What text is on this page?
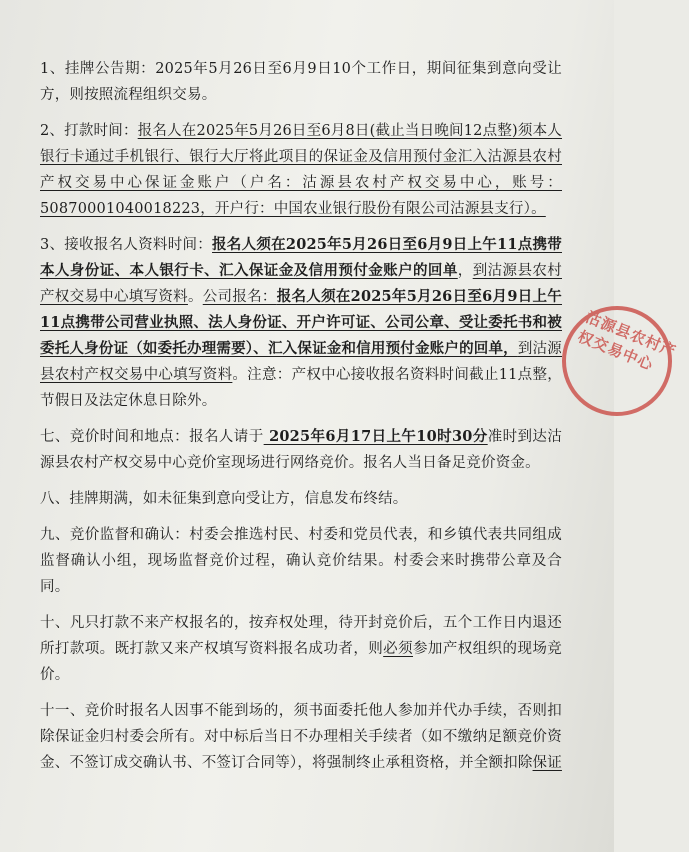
1、挂牌公告期：2025年5月26日至6月9日10个工作日，期间征集到意向受让方，则按照流程组织交易。

2、打款时间：报名人在2025年5月26日至6月8日(截止当日晚间12点整)须本人银行卡通过手机银行、银行大厅将此项目的保证金及信用预付金汇入沽源县农村产权交易中心保证金账户（户名：沽源县农村产权交易中心，账号：50870001040018223，开户行：中国农业银行股份有限公司沽源县支行）。

3、接收报名人资料时间：报名人须在2025年5月26日至6月9日上午11点携带本人身份证、本人银行卡、汇入保证金及信用预付金账户的回单，到沽源县农村产权交易中心填写资料。公司报名：报名人须在2025年5月26日至6月9日上午11点携带公司营业执照、法人身份证、开户许可证、公司公章、受让委托书和被委托人身份证（如委托办理需要）、汇入保证金和信用预付金账户的回单，到沽源县农村产权交易中心填写资料。注意：产权中心接收报名资料时间截止11点整，节假日及法定休息日除外。

七、竞价时间和地点：报名人请于 2025年6月17日上午10时30分准时到达沽源县农村产权交易中心竞价室现场进行网络竞价。报名人当日备足竞价资金。

八、挂牌期满，如未征集到意向受让方，信息发布终结。

九、竞价监督和确认：村委会推选村民、村委和党员代表，和乡镇代表共同组成监督确认小组，现场监督竞价过程，确认竞价结果。村委会来时携带公章及合同。

十、凡只打款不来产权报名的，按弃权处理，待开封竞价后，五个工作日内退还所打款项。既打款又来产权填写资料报名成功者，则必须参加产权组织的现场竞价。

十一、竞价时报名人因事不能到场的，须书面委托他人参加并代办手续，否则扣除保证金归村委会所有。对中标后当日不办理相关手续者（如不缴纳足额竞价资金、不签订成交确认书、不签订合同等），将强制终止承租资格，并全额扣除保证

沽源县农村产权交易中心
